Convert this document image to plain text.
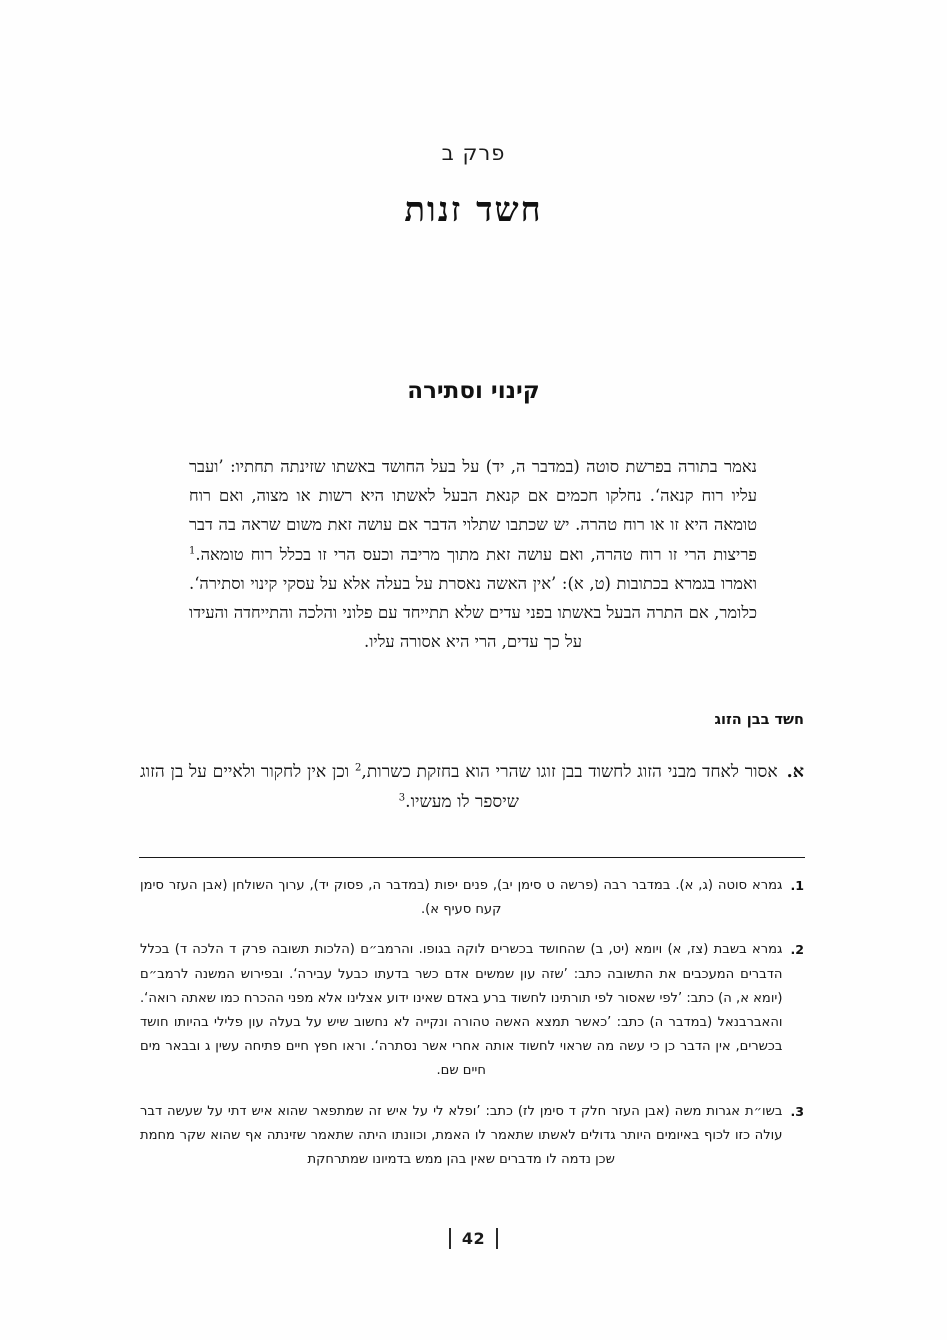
פרק ב
חשד זנות
קינוי וסתירה

נאמר בתורה בפרשת סוטה (במדבר ה, יד) על בעל החושד באשתו שזינתה תחתיו: ’ועבר עליו רוח קנאה‘. נחלקו חכמים אם קנאת הבעל לאשתו היא רשות או מצוה, ואם רוח טומאה היא זו או רוח טהרה. יש שכתבו שתלוי הדבר אם עושה זאת משום שראה בה דבר פריצות הרי זו רוח טהרה, ואם עושה זאת מתוך מריבה וכעס הרי זו בכלל רוח טומאה.$^1$ ואמרו בגמרא בכתובות (ט, א): ’אין האשה נאסרת על בעלה אלא על עסקי קינוי וסתירה‘. כלומר, אם התרה הבעל באשתו בפני עדים שלא תתייחד עם פלוני והלכה והתייחדה והעידו על כך עדים, הרי היא אסורה עליו.

חשד בבן הזוג
א.

אסור לאחד מבני הזוג לחשוד בבן זוגו שהרי הוא בחזקת כשרות,$^2$ וכן אין לחקור ולאיים על בן הזוג שיספר לו מעשיו.$^3$

1.

גמרא סוטה (ג, א). במדבר רבה (פרשה ט סימן יב), פנים יפות (במדבר ה, פסוק יד), ערוך השולחן (אבן העזר סימן קעח סעיף א).

2.

גמרא בשבת (צז, א) ויומא (יט, ב) שהחושד בכשרים לוקה בגופו. והרמב״ם (הלכות תשובה פרק ד הלכה ד) בכלל הדברים המעכבים את התשובה כתב: ’שזה עון שמשים אדם כשר בדעתו כבעל עבירה‘. ובפירוש המשנה לרמב״ם (יומא א, ה) כתב: ’לפי שאסור לפי תורתינו לחשוד ברע באדם שאינו ידוע אצלינו אלא מפני ההכרח כמו שאתה רואה‘. והאברבנאל (במדבר ה) כתב: ’כאשר תמצא האשה טהורה ונקייה לא נחשוב שיש על בעלה עון פלילי בהיותו חושד בכשרים, אין הדבר כן כי עשה מה שראוי לחשוד אותה אחרי אשר נסתרה‘. וראו חפץ חיים פתיחה עשין ג ובבאר מים חיים שם.

3.

בשו״ת אגרות משה (אבן העזר חלק ד סימן לז) כתב: ’ופלא לי על איש זה שמתפאר שהוא איש דתי על שעשה דבר עולה כזו לכוף באיומים היותר גדולים לאשתו שתאמר לו האמת, וכוונתו היתה שתאמר שזינתה אף שהוא שקר מחמת שכן נדמה לו מדברים שאין בהן ממש בדמיונו שמתרחקת

42
